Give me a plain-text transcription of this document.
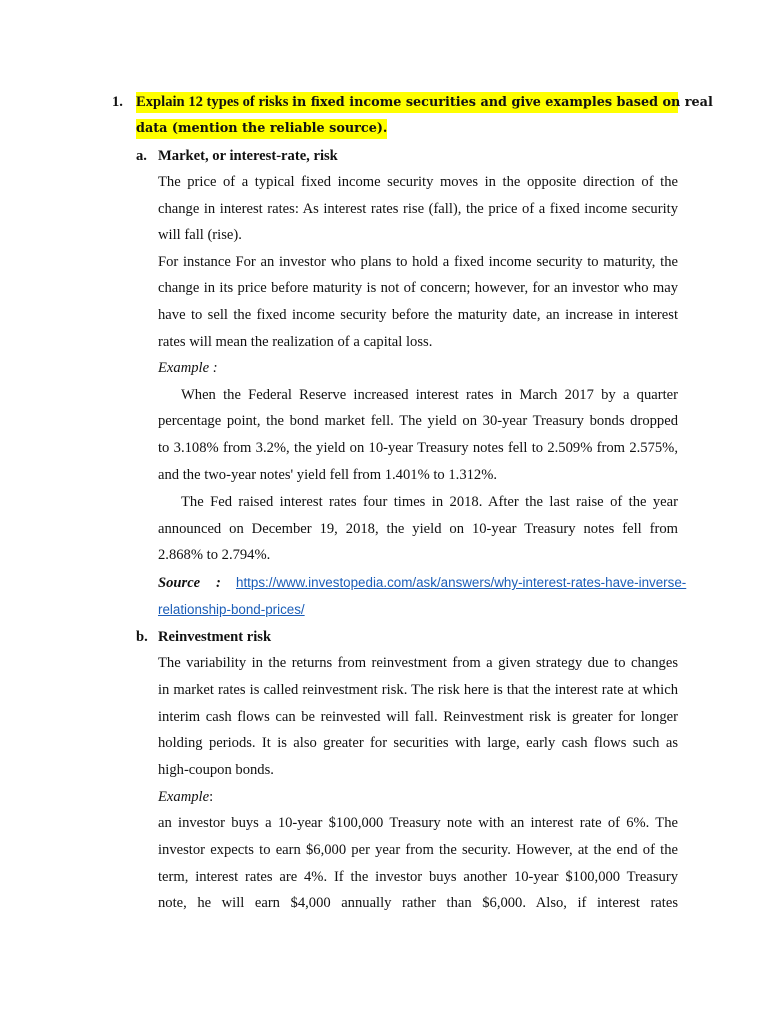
1. Explain 12 types of risks in fixed income securities and give examples based on real
data (mention the reliable source).
a. Market, or interest-rate, risk
The price of a typical fixed income security moves in the opposite direction of the
change in interest rates: As interest rates rise (fall), the price of a fixed income security
will fall (rise).
For instance For an investor who plans to hold a fixed income security to maturity, the
change in its price before maturity is not of concern; however, for an investor who may
have to sell the fixed income security before the maturity date, an increase in interest
rates will mean the realization of a capital loss.
Example :
When the Federal Reserve increased interest rates in March 2017 by a quarter
percentage point, the bond market fell. The yield on 30-year Treasury bonds dropped
to 3.108% from 3.2%, the yield on 10-year Treasury notes fell to 2.509% from 2.575%,
and the two-year notes' yield fell from 1.401% to 1.312%.
The Fed raised interest rates four times in 2018. After the last raise of the year
announced on December 19, 2018, the yield on 10-year Treasury notes fell from
2.868% to 2.794%.
Source : https://www.investopedia.com/ask/answers/why-interest-rates-have-inverse-
relationship-bond-prices/
b. Reinvestment risk
The variability in the returns from reinvestment from a given strategy due to changes
in market rates is called reinvestment risk. The risk here is that the interest rate at which
interim cash flows can be reinvested will fall. Reinvestment risk is greater for longer
holding periods. It is also greater for securities with large, early cash flows such as
high-coupon bonds.
Example:
an investor buys a 10-year $100,000 Treasury note with an interest rate of 6%. The
investor expects to earn $6,000 per year from the security. However, at the end of the
term, interest rates are 4%. If the investor buys another 10-year $100,000 Treasury
note, he will earn $4,000 annually rather than $6,000. Also, if interest rates
